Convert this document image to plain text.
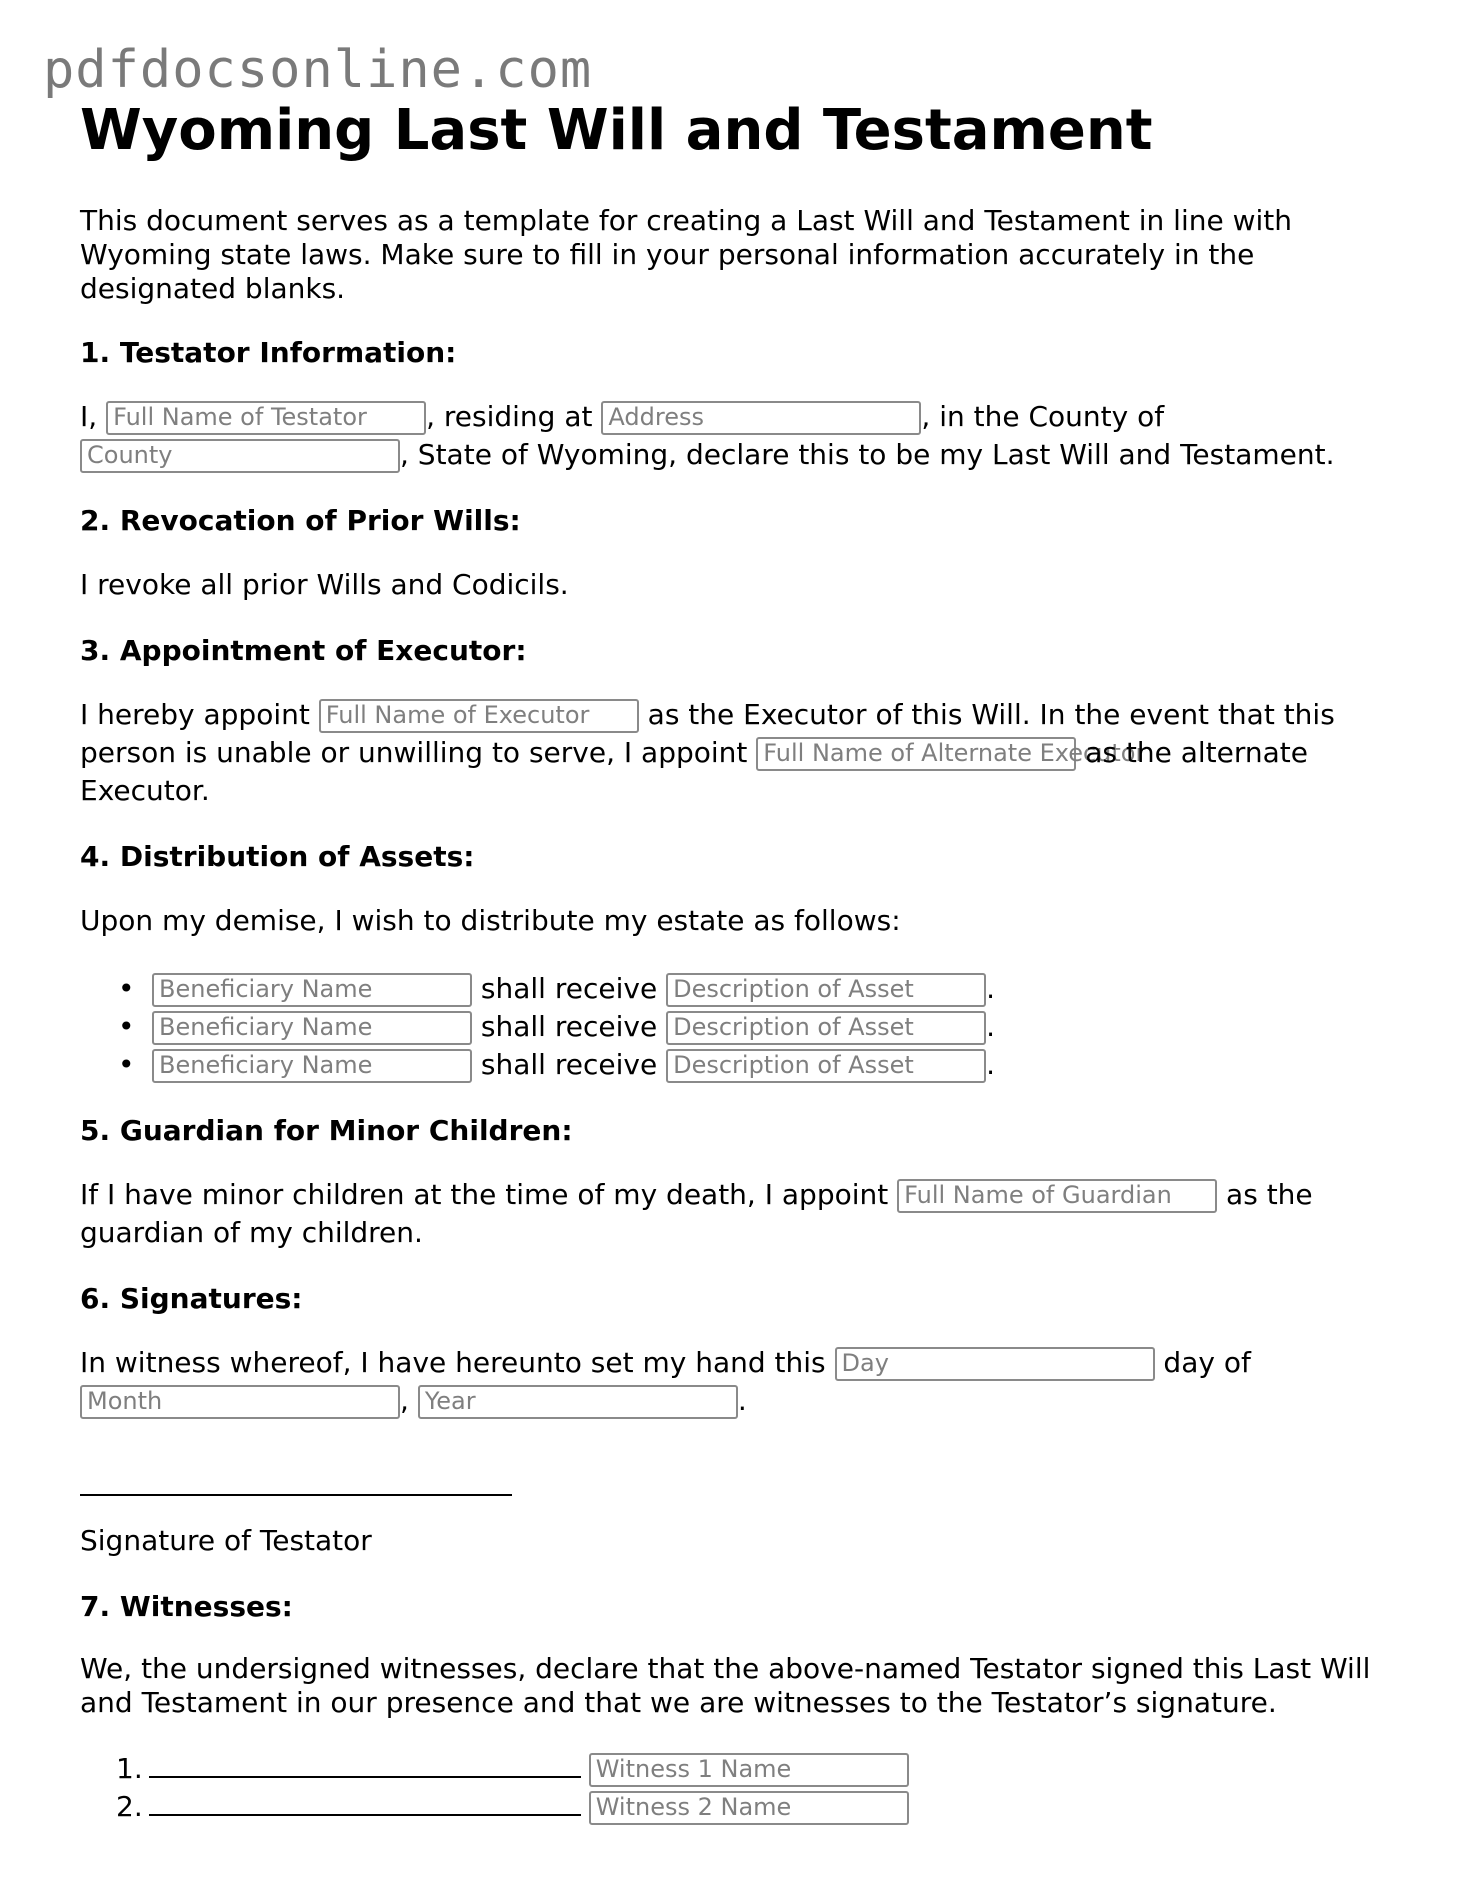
pdfdocsonline.com
Wyoming Last Will and Testament

This document serves as a template for creating a Last Will and Testament in line with Wyoming state laws. Make sure to fill in your personal information accurately in the designated blanks.

1. Testator Information:

I, Full Name of Testator , residing at Address	, in the County of
County	, State of Wyoming, declare this to be my Last Will and Testament.

2. Revocation of Prior Wills:

I revoke all prior Wills and Codicils.

3. Appointment of Executor:

I hereby appoint Full Name of Executor as the Executor of this Will. In the event that this person is unable or unwilling to serve, I appoint Full Name of Alternate Executor as the alternate Executor.

4. Distribution of Assets:

Upon my demise, I wish to distribute my estate as follows:

• Beneficiary Name	shall receive Description of Asset	.
• Beneficiary Name	shall receive Description of Asset	.
• Beneficiary Name	shall receive Description of Asset	.
5. Guardian for Minor Children:

If I have minor children at the time of my death, I appoint Full Name of Guardian as the guardian of my children.

6. Signatures:

In witness whereof, I have hereunto set my hand this Day	day of
Month	, Year	.

Signature of Testator

7. Witnesses:

We, the undersigned witnesses, declare that the above-named Testator signed this Last Will and Testament in our presence and that we are witnesses to the Testator’s signature.

1.	Witness 1 Name
2.	Witness 2 Name
